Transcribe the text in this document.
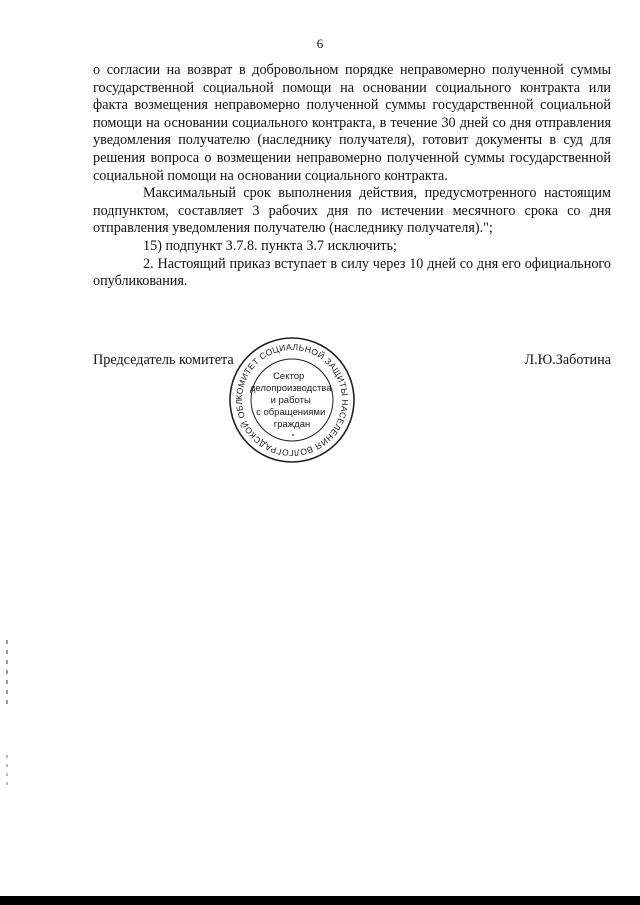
6

о согласии на возврат в добровольном порядке неправомерно полученной суммы государственной социальной помощи на основании социального контракта или факта возмещения неправомерно полученной суммы государственной социальной помощи на основании социального контракта, в течение 30 дней со дня отправления уведомления получателю (наследнику получателя), готовит документы в суд для решения вопроса о возмещении неправомерно полученной суммы государственной социальной помощи на основании социального контракта.

Максимальный срок выполнения действия, предусмотренного настоящим подпунктом, составляет 3 рабочих дня по истечении месячного срока со дня отправления уведомления получателю (наследнику получателя).";

15) подпункт 3.7.8. пункта 3.7 исключить;

2. Настоящий приказ вступает в силу через 10 дней со дня его официального опубликования.

Председатель комитета	Л.Ю.Заботина
КОМИТЕТ СОЦИАЛЬНОЙ ЗАЩИТЫ НАСЕЛЕНИЯ ВОЛГОГРАДСКОЙ ОБЛ
Сектор делопроизводства и работы с обращениями граждан
